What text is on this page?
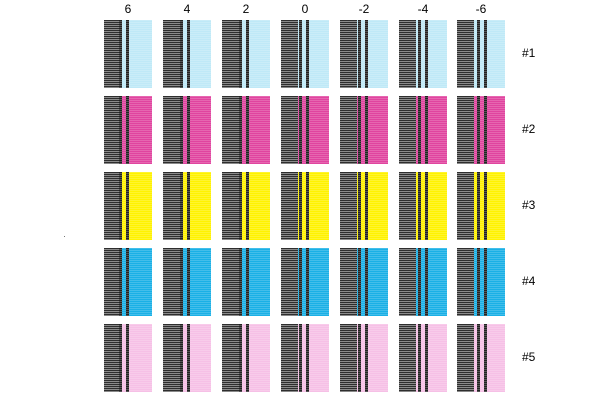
6	4	2	0	-2	-4	-6
#1
#2
#3
#4
#5
